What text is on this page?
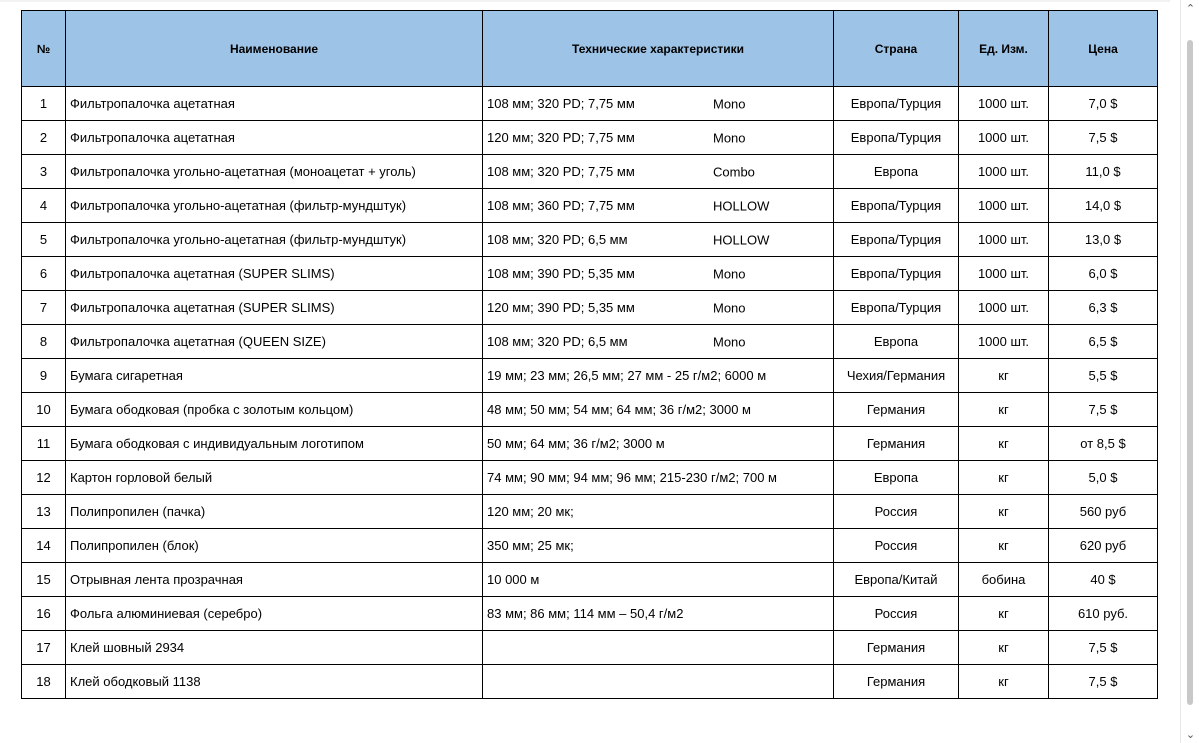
№	Наименование	Технические характеристики	Страна	Ед. Изм.	Цена
1	Фильтропалочка ацетатная	108 мм; 320 PD; 7,75 мм Mono	Европа/Турция	1000 шт.	7,0 $
2	Фильтропалочка ацетатная	120 мм; 320 PD; 7,75 мм Mono	Европа/Турция	1000 шт.	7,5 $
3	Фильтропалочка угольно-ацетатная (моноацетат + уголь)	108 мм; 320 PD; 7,75 мм Combo	Европа	1000 шт.	11,0 $
4	Фильтропалочка угольно-ацетатная (фильтр-мундштук)	108 мм; 360 PD; 7,75 мм HOLLOW	Европа/Турция	1000 шт.	14,0 $
5	Фильтропалочка угольно-ацетатная (фильтр-мундштук)	108 мм; 320 PD; 6,5 мм HOLLOW	Европа/Турция	1000 шт.	13,0 $
6	Фильтропалочка ацетатная (SUPER SLIMS)	108 мм; 390 PD; 5,35 мм Mono	Европа/Турция	1000 шт.	6,0 $
7	Фильтропалочка ацетатная (SUPER SLIMS)	120 мм; 390 PD; 5,35 мм Mono	Европа/Турция	1000 шт.	6,3 $
8	Фильтропалочка ацетатная (QUEEN SIZE)	108 мм; 320 PD; 6,5 мм Mono	Европа	1000 шт.	6,5 $
9	Бумага сигаретная	19 мм; 23 мм; 26,5 мм; 27 мм - 25 г/м2; 6000 м	Чехия/Германия	кг	5,5 $
10	Бумага ободковая (пробка с золотым кольцом)	48 мм; 50 мм; 54 мм; 64 мм; 36 г/м2; 3000 м	Германия	кг	7,5 $
11	Бумага ободковая с индивидуальным логотипом	50 мм; 64 мм; 36 г/м2; 3000 м	Германия	кг	от 8,5 $
12	Картон горловой белый	74 мм; 90 мм; 94 мм; 96 мм; 215-230 г/м2; 700 м	Европа	кг	5,0 $
13	Полипропилен (пачка)	120 мм; 20 мк;	Россия	кг	560 руб
14	Полипропилен (блок)	350 мм; 25 мк;	Россия	кг	620 руб
15	Отрывная лента прозрачная	10 000 м	Европа/Китай	бобина	40 $
16	Фольга алюминиевая (серебро)	83 мм; 86 мм; 114 мм – 50,4 г/м2	Россия	кг	610 руб.
17	Клей шовный 2934		Германия	кг	7,5 $
18	Клей ободковый 1138		Германия	кг	7,5 $
⌃
⌄
